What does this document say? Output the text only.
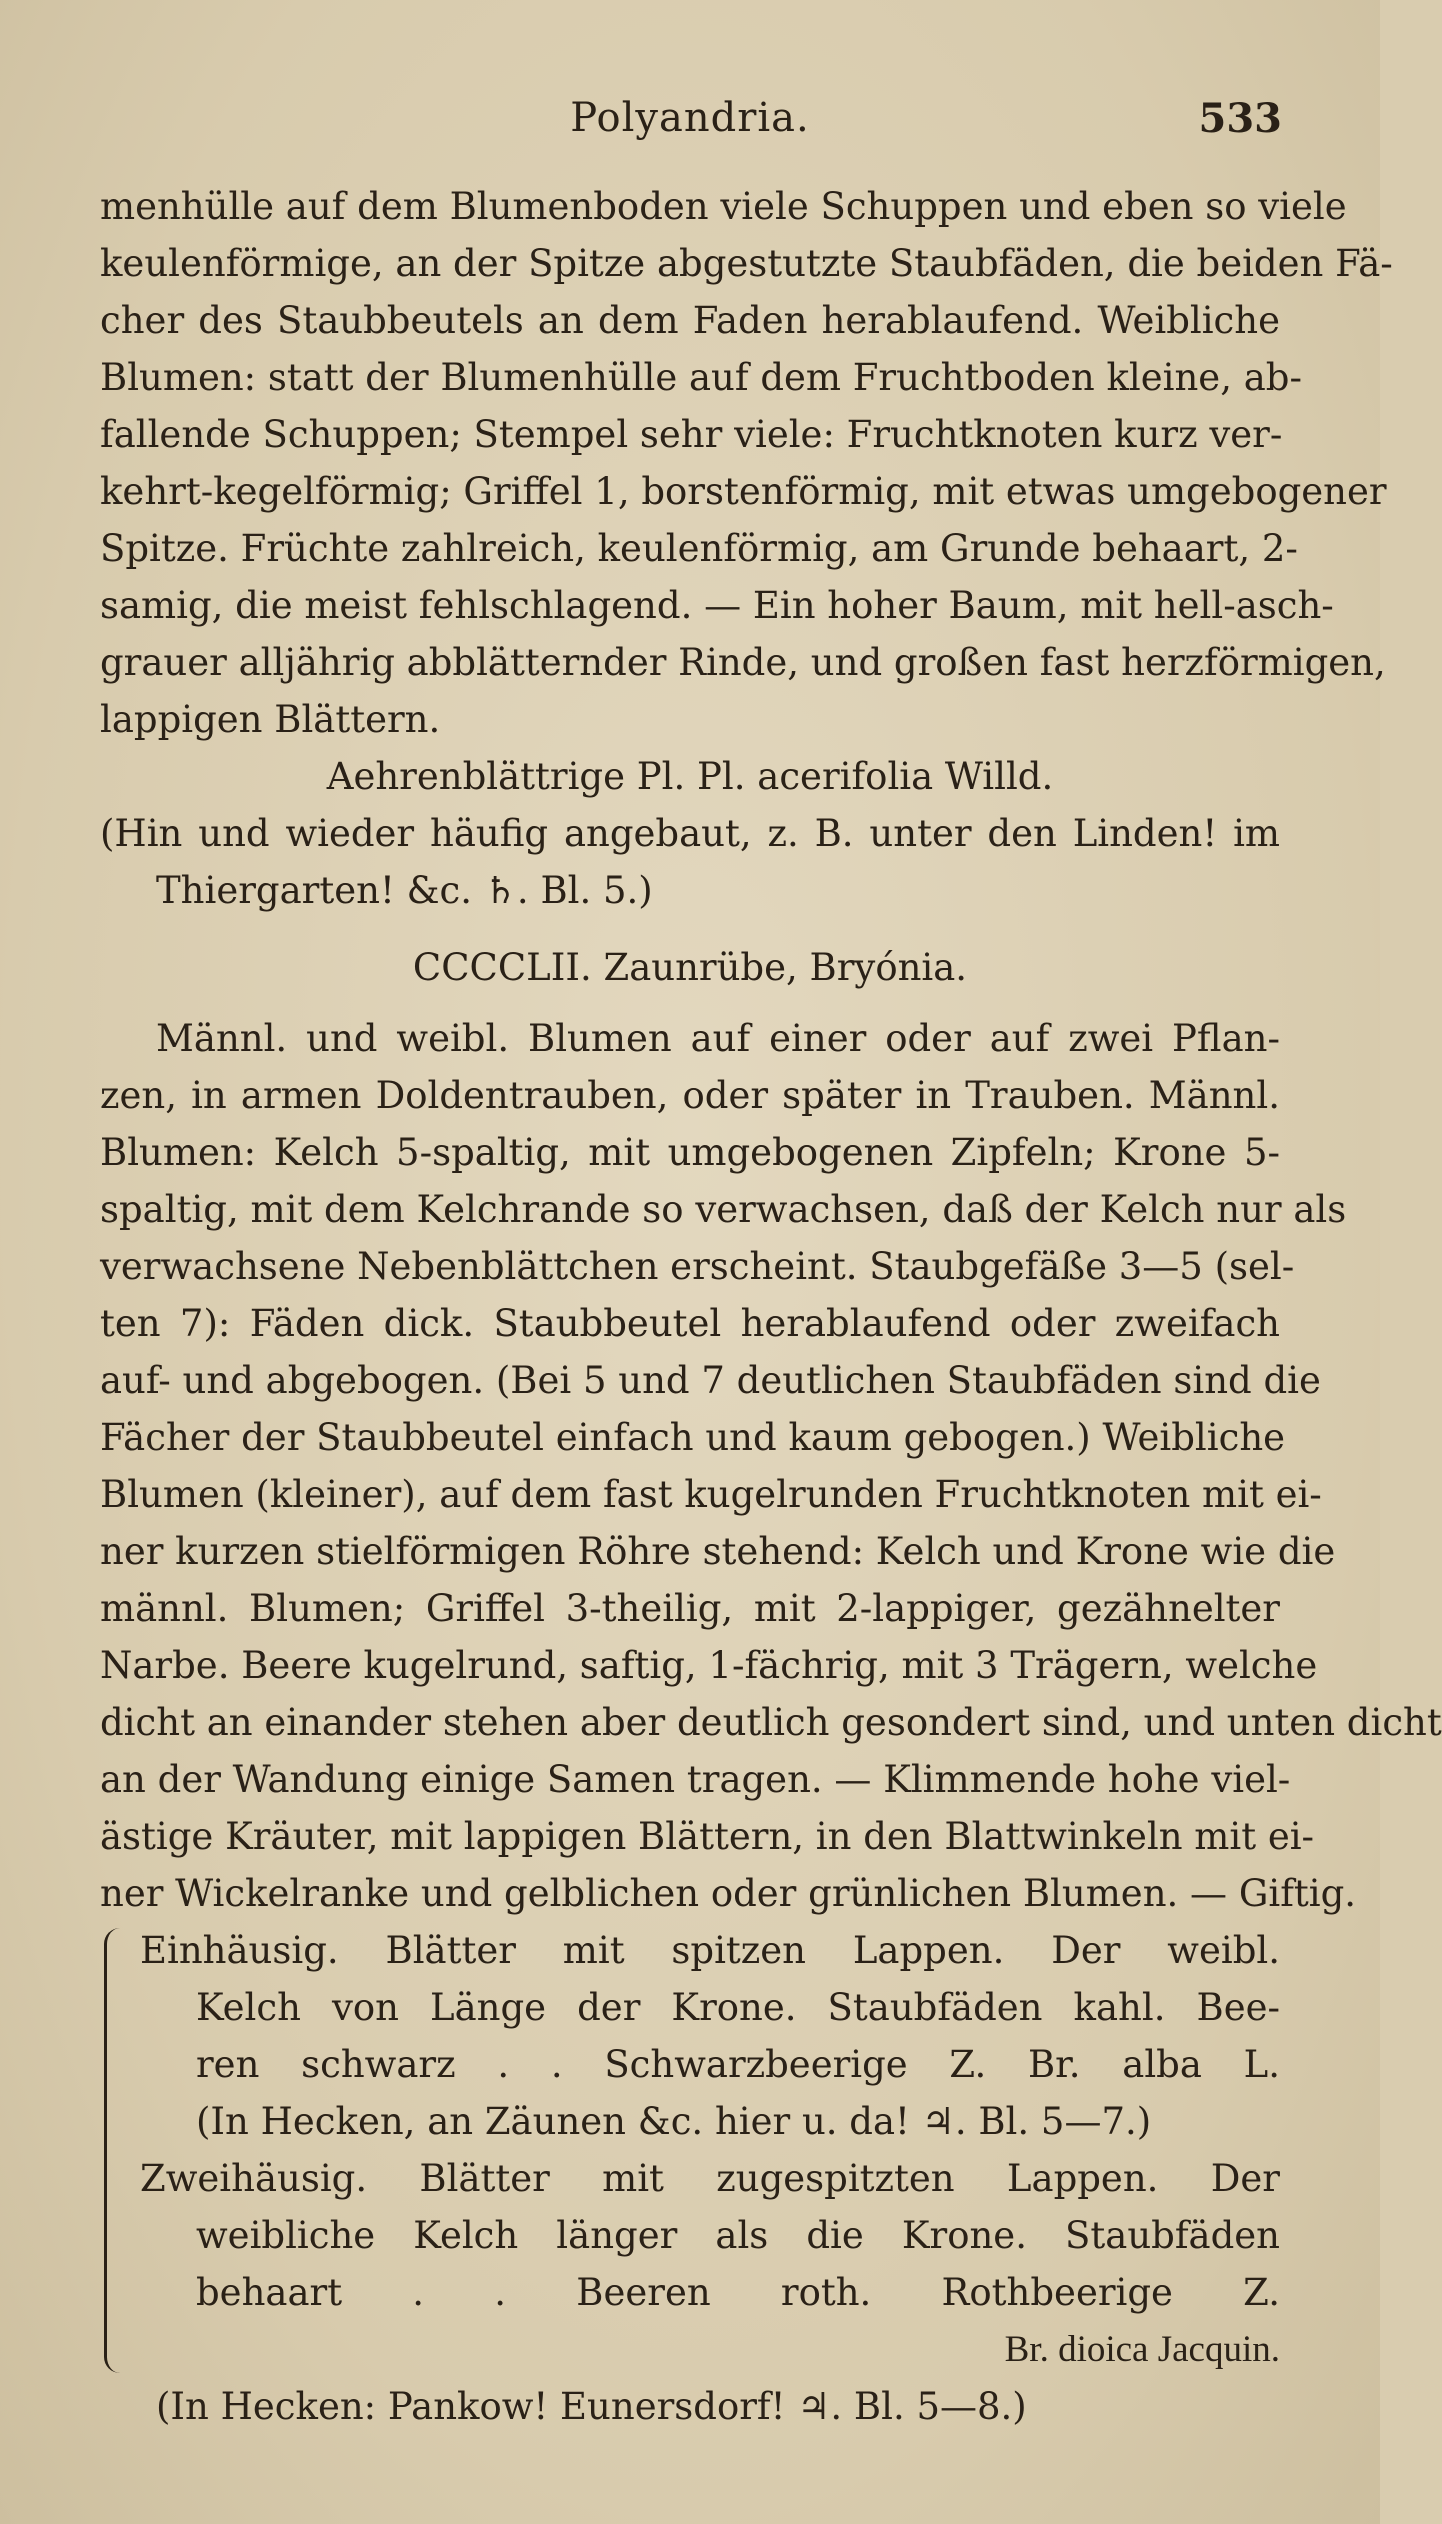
Polyandria.	533
menhülle auf dem Blumenboden viele Schuppen und eben so viele
keulenförmige, an der Spitze abgestutzte Staubfäden, die beiden Fä-
cher des Staubbeutels an dem Faden herablaufend. Weibliche
Blumen: statt der Blumenhülle auf dem Fruchtboden kleine, ab-
fallende Schuppen; Stempel sehr viele: Fruchtknoten kurz ver-
kehrt-kegelförmig; Griffel 1, borstenförmig, mit etwas umgebogener
Spitze. Früchte zahlreich, keulenförmig, am Grunde behaart, 2-
samig, die meist fehlschlagend. — Ein hoher Baum, mit hell-asch-
grauer alljährig abblätternder Rinde, und großen fast herzförmigen,
lappigen Blättern.
Aehrenblättrige Pl. Pl. acerifolia Willd.
(Hin und wieder häufig angebaut, z. B. unter den Linden! im
Thiergarten! &c. ♄. Bl. 5.)
CCCCLII. Zaunrübe, Bryónia.
Männl. und weibl. Blumen auf einer oder auf zwei Pflan-
zen, in armen Doldentrauben, oder später in Trauben. Männl.
Blumen: Kelch 5-spaltig, mit umgebogenen Zipfeln; Krone 5-
spaltig, mit dem Kelchrande so verwachsen, daß der Kelch nur als
verwachsene Nebenblättchen erscheint. Staubgefäße 3—5 (sel-
ten 7): Fäden dick. Staubbeutel herablaufend oder zweifach
auf- und abgebogen. (Bei 5 und 7 deutlichen Staubfäden sind die
Fächer der Staubbeutel einfach und kaum gebogen.) Weibliche
Blumen (kleiner), auf dem fast kugelrunden Fruchtknoten mit ei-
ner kurzen stielförmigen Röhre stehend: Kelch und Krone wie die
männl. Blumen; Griffel 3-theilig, mit 2-lappiger, gezähnelter
Narbe. Beere kugelrund, saftig, 1-fächrig, mit 3 Trägern, welche
dicht an einander stehen aber deutlich gesondert sind, und unten dicht
an der Wandung einige Samen tragen. — Klimmende hohe viel-
ästige Kräuter, mit lappigen Blättern, in den Blattwinkeln mit ei-
ner Wickelranke und gelblichen oder grünlichen Blumen. — Giftig.
Einhäusig. Blätter mit spitzen Lappen. Der weibl.
Kelch von Länge der Krone. Staubfäden kahl. Bee-
ren schwarz . . Schwarzbeerige Z. Br. alba L.
(In Hecken, an Zäunen &c. hier u. da! ♃. Bl. 5—7.)
Zweihäusig. Blätter mit zugespitzten Lappen. Der
weibliche Kelch länger als die Krone. Staubfäden
behaart . . Beeren roth. Rothbeerige Z.
Br. dioica Jacquin.
(In Hecken: Pankow! Eunersdorf! ♃. Bl. 5—8.)
